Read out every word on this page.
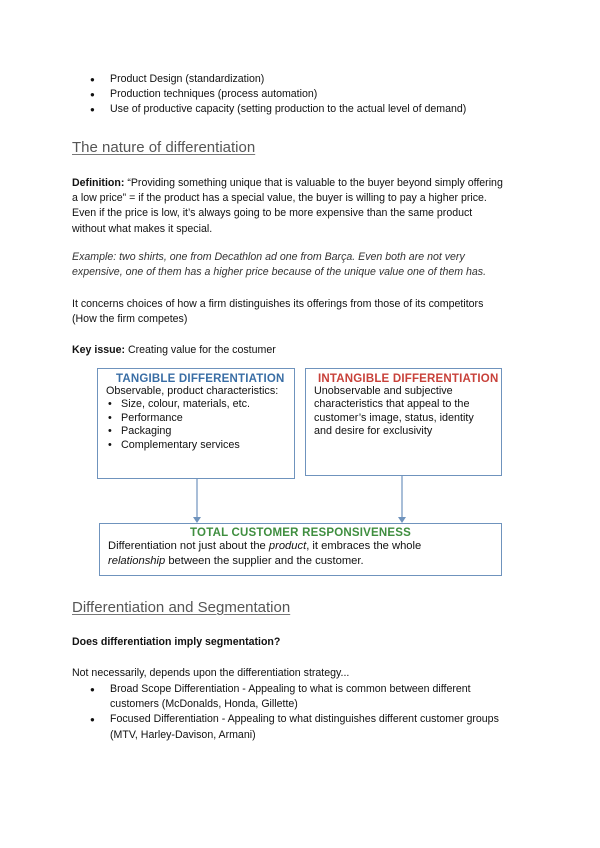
● Product Design (standardization)
● Production techniques (process automation)
● Use of productive capacity (setting production to the actual level of demand)
The nature of differentiation
Definition: “Providing something unique that is valuable to the buyer beyond simply offering
a low price” = if the product has a special value, the buyer is willing to pay a higher price.
Even if the price is low, it’s always going to be more expensive than the same product
without what makes it special.
Example: two shirts, one from Decathlon ad one from Barça. Even both are not very
expensive, one of them has a higher price because of the unique value one of them has.
It concerns choices of how a firm distinguishes its offerings from those of its competitors
(How the firm competes)
Key issue: Creating value for the costumer
TANGIBLE DIFFERENTIATION
Observable, product characteristics:
• Size, colour, materials, etc.
• Performance
• Packaging
• Complementary services
INTANGIBLE DIFFERENTIATION
Unobservable and subjective
characteristics that appeal to the
customer’s image, status, identity
and desire for exclusivity
TOTAL CUSTOMER RESPONSIVENESS
Differentiation not just about the product, it embraces the whole
relationship between the supplier and the customer.
Differentiation and Segmentation
Does differentiation imply segmentation?
Not necessarily, depends upon the differentiation strategy...
● Broad Scope Differentiation - Appealing to what is common between different
customers (McDonalds, Honda, Gillette)
● Focused Differentiation - Appealing to what distinguishes different customer groups
(MTV, Harley-Davison, Armani)
